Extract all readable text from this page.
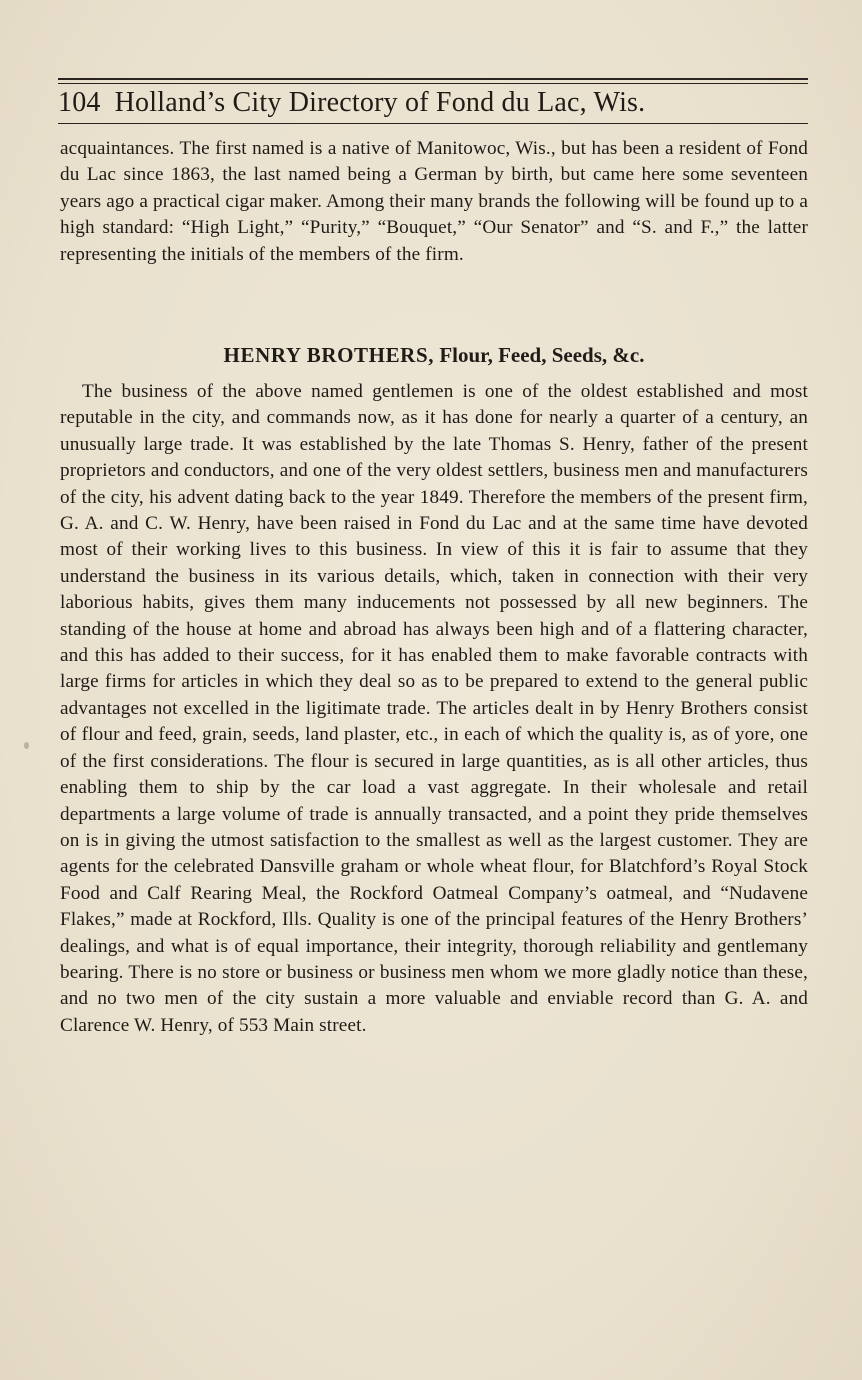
104 Holland’s City Directory of Fond du Lac, Wis.

acquaintances. The first named is a native of Manitowoc, Wis., but has been a resident of Fond du Lac since 1863, the last named being a German by birth, but came here some seventeen years ago a practical cigar maker. Among their many brands the following will be found up to a high standard: “High Light,” “Purity,” “Bouquet,” “Our Senator” and “S. and F.,” the latter representing the initials of the members of the firm.

HENRY BROTHERS, Flour, Feed, Seeds, &c.

The business of the above named gentlemen is one of the oldest established and most reputable in the city, and commands now, as it has done for nearly a quarter of a century, an unusually large trade. It was established by the late Thomas S. Henry, father of the present proprietors and conductors, and one of the very oldest settlers, business men and manufacturers of the city, his advent dating back to the year 1849. Therefore the members of the present firm, G. A. and C. W. Henry, have been raised in Fond du Lac and at the same time have devoted most of their working lives to this business. In view of this it is fair to assume that they understand the business in its various details, which, taken in connection with their very laborious habits, gives them many inducements not possessed by all new beginners. The standing of the house at home and abroad has always been high and of a flattering character, and this has added to their success, for it has enabled them to make favorable contracts with large firms for articles in which they deal so as to be prepared to extend to the general public advantages not excelled in the ligitimate trade. The articles dealt in by Henry Brothers consist of flour and feed, grain, seeds, land plaster, etc., in each of which the quality is, as of yore, one of the first considerations. The flour is secured in large quantities, as is all other articles, thus enabling them to ship by the car load a vast aggregate. In their wholesale and retail departments a large volume of trade is annually transacted, and a point they pride themselves on is in giving the utmost satisfaction to the smallest as well as the largest customer. They are agents for the celebrated Dansville graham or whole wheat flour, for Blatchford’s Royal Stock Food and Calf Rearing Meal, the Rockford Oatmeal Company’s oatmeal, and “Nudavene Flakes,” made at Rockford, Ills. Quality is one of the principal features of the Henry Brothers’ dealings, and what is of equal importance, their integrity, thorough reliability and gentlemany bearing. There is no store or business or business men whom we more gladly notice than these, and no two men of the city sustain a more valuable and enviable record than G. A. and Clarence W. Henry, of 553 Main street.
